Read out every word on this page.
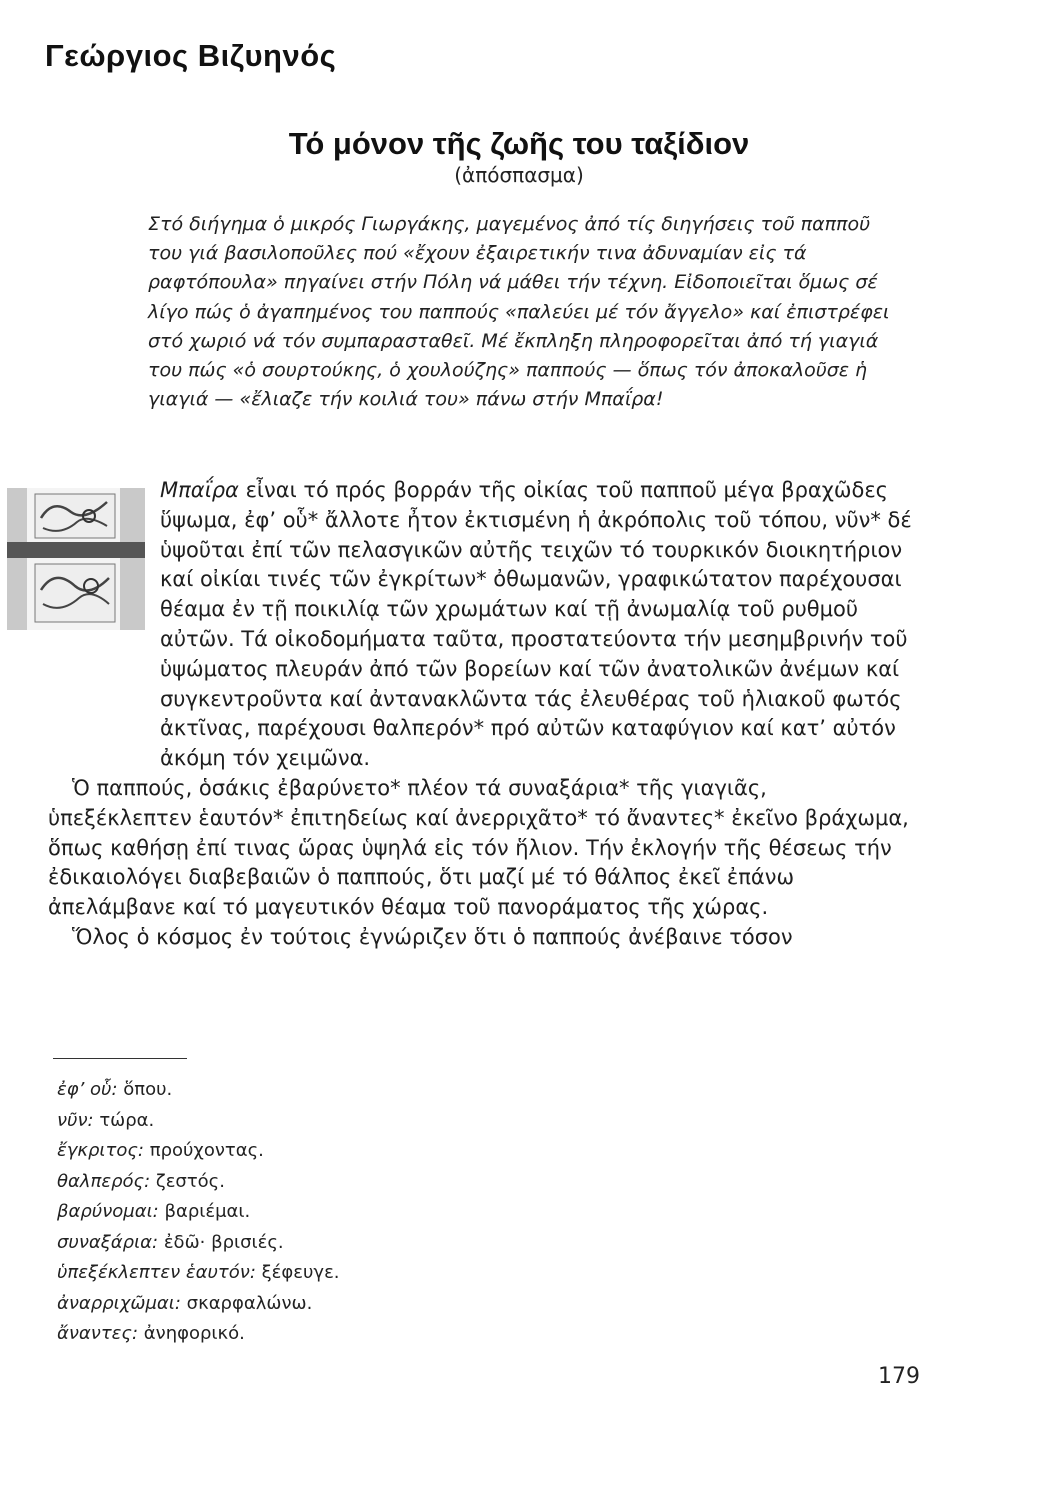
Γεώργιος Βιζυηνός
Τό μόνον τῆς ζωῆς του ταξίδιον
(ἀπόσπασμα)

Στό διήγημα ὁ μικρός Γιωργάκης, μαγεμένος ἀπό τίς διηγήσεις τοῦ παπποῦ του γιά βασιλοποῦλες πού «ἔχουν ἐξαιρετικήν τινα ἀδυναμίαν εἰς τά ραφτόπουλα» πηγαίνει στήν Πόλη νά μάθει τήν τέχνη. Εἰδοποιεῖται ὅμως σέ λίγο πώς ὁ ἀγαπημένος του παππούς «παλεύει μέ τόν ἄγγελο» καί ἐπιστρέφει στό χωριό νά τόν συμπαρασταθεῖ. Μέ ἔκπληξη πληροφορεῖται ἀπό τή γιαγιά του πώς «ὁ σουρτούκης, ὁ χουλούζης» παππούς — ὅπως τόν ἀποκαλοῦσε ἡ γιαγιά — «ἔλιαζε τήν κοιλιά του» πάνω στήν Μπαΐρα!

Μπαΐρα εἶναι τό πρός βορράν τῆς οἰκίας τοῦ παπποῦ μέγα βραχῶδες ὕψωμα, ἐφ’ οὗ* ἄλλοτε ἦτον ἐκτισμένη ἡ ἀκρόπολις τοῦ τόπου, νῦν* δέ ὑψοῦται ἐπί τῶν πελασγικῶν αὐτῆς τειχῶν τό τουρκικόν διοικητήριον καί οἰκίαι τινές τῶν ἐγκρίτων* ὀθωμανῶν, γραφικώτατον παρέχουσαι θέαμα ἐν τῇ ποικιλίᾳ τῶν χρωμάτων καί τῇ ἀνωμαλίᾳ τοῦ ρυθμοῦ αὐτῶν. Τά οἰκοδομήματα ταῦτα, προστατεύοντα τήν μεσημβρινήν τοῦ ὑψώματος πλευράν ἀπό τῶν βορείων καί τῶν ἀνατολικῶν ἀνέμων καί συγκεντροῦντα καί ἀντανακλῶντα τάς ἐλευθέρας τοῦ ἡλιακοῦ φωτός ἀκτῖνας, παρέχουσι θαλπερόν* πρό αὐτῶν καταφύγιον καί κατ’ αὐτόν ἀκόμη τόν χειμῶνα.

Ὁ παππούς, ὁσάκις ἐβαρύνετο* πλέον τά συναξάρια* τῆς γιαγιᾶς, ὑπεξέκλεπτεν ἑαυτόν* ἐπιτηδείως καί ἀνερριχᾶτο* τό ἄναντες* ἐκεῖνο βράχωμα, ὅπως καθήσῃ ἐπί τινας ὥρας ὑψηλά εἰς τόν ἥλιον. Τήν ἐκλογήν τῆς θέσεως τήν ἐδικαιολόγει διαβεβαιῶν ὁ παππούς, ὅτι μαζί μέ τό θάλπος ἐκεῖ ἐπάνω ἀπελάμβανε καί τό μαγευτικόν θέαμα τοῦ πανοράματος τῆς χώρας.

Ὅλος ὁ κόσμος ἐν τούτοις ἐγνώριζεν ὅτι ὁ παππούς ἀνέβαινε τόσον

ἐφ’ οὗ: ὅπου.
νῦν: τώρα.
ἔγκριτος: προύχοντας.
θαλπερός: ζεστός.
βαρύνομαι: βαριέμαι.
συναξάρια: ἐδῶ· βρισιές.
ὑπεξέκλεπτεν ἑαυτόν: ξέφευγε.
ἀναρριχῶμαι: σκαρφαλώνω.
ἄναντες: ἀνηφορικό.
179
